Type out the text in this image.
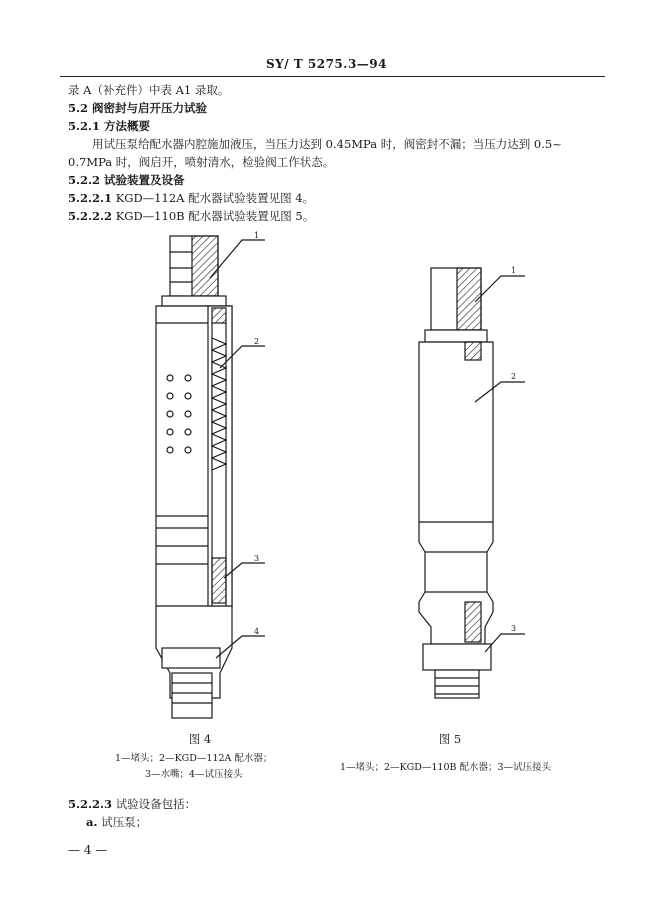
SY/ T 5275.3—94
录 A（补充件）中表 A1 录取。
5.2 阀密封与启开压力试验
5.2.1 方法概要
用试压泵给配水器内腔施加液压，当压力达到 0.45MPa 时，阀密封不漏；当压力达到 0.5~
0.7MPa 时，阀启开，喷射清水，检验阀工作状态。
5.2.2 试验装置及设备
5.2.2.1 KGD—112A 配水器试验装置见图 4。
5.2.2.2 KGD—110B 配水器试验装置见图 5。
1
2
3
4
图 4
1—堵头；2—KGD—112A 配水器；
3—水嘴；4—试压接头
1
2
3
图 5
1—堵头；2—KGD—110B 配水器；3—试压接头
5.2.2.3 试验设备包括：
a. 试压泵；
— 4 —
